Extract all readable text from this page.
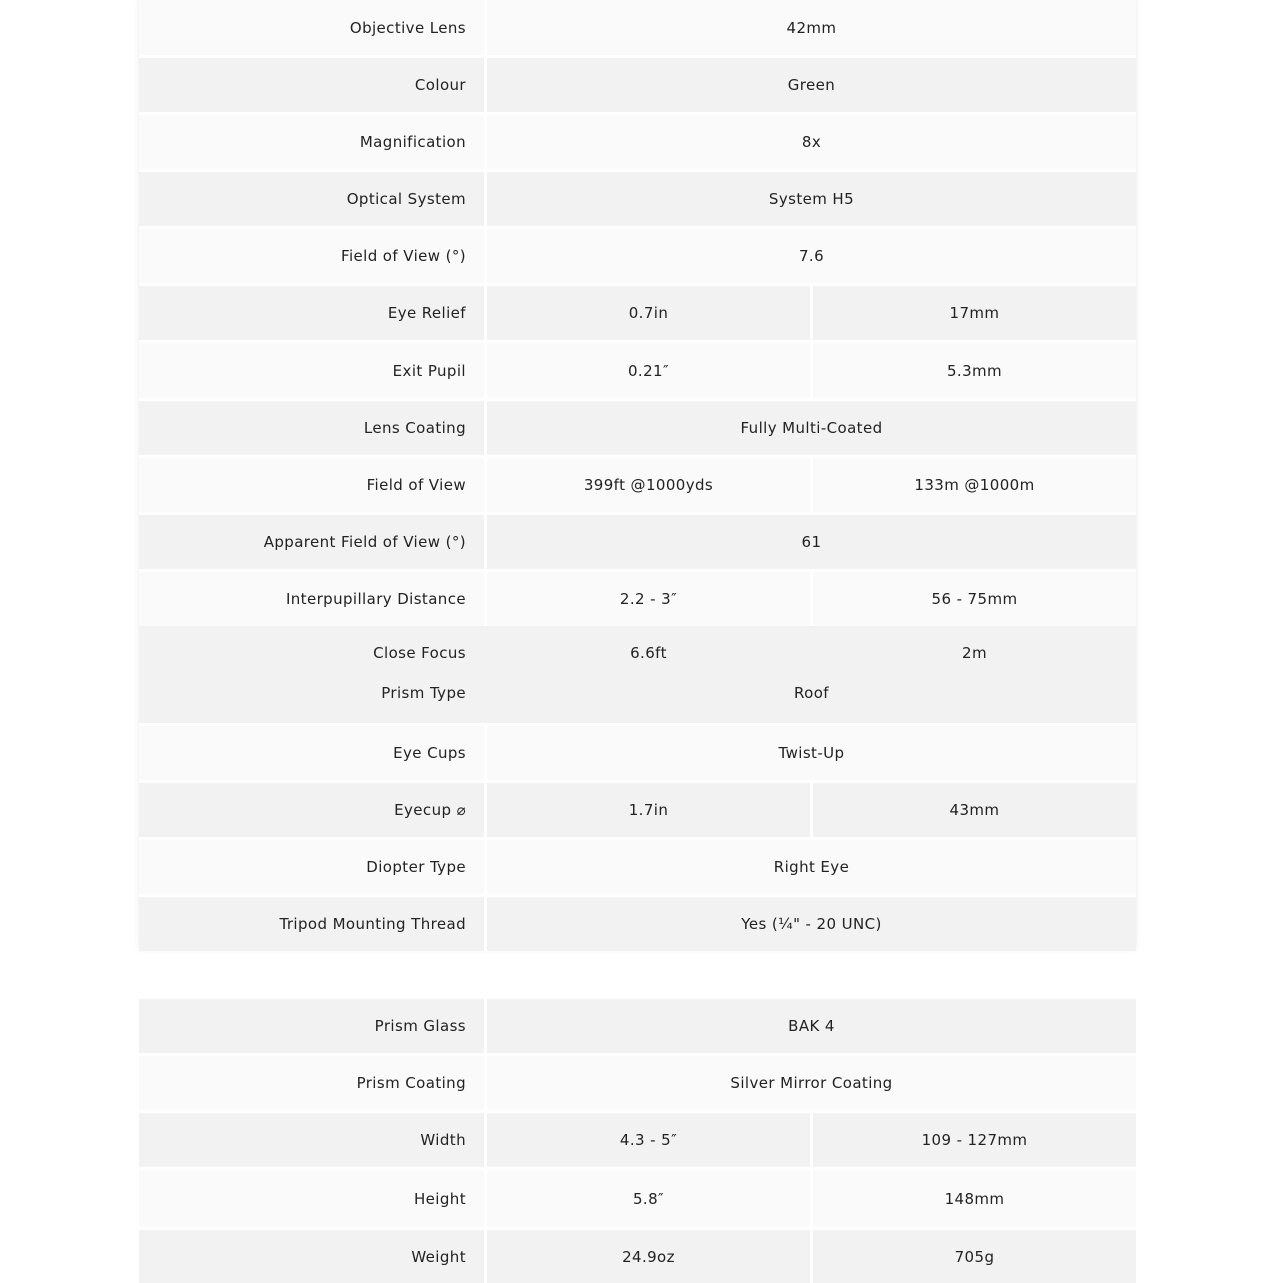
Objective Lens	42mm
Colour	Green
Magnification	8x
Optical System	System H5
Field of View (°)	7.6
Eye Relief	0.7in	17mm
Exit Pupil	0.21″	5.3mm
Lens Coating	Fully Multi-Coated
Field of View	399ft @1000yds	133m @1000m
Apparent Field of View (°)	61
Interpupillary Distance	2.2 - 3″	56 - 75mm
Close Focus	6.6ft	2m
Prism Type	Roof
Eye Cups	Twist-Up
Eyecup ⌀	1.7in	43mm
Diopter Type	Right Eye
Tripod Mounting Thread	Yes (¼" - 20 UNC)
Prism Glass	BAK 4
Prism Coating	Silver Mirror Coating
Width	4.3 - 5″	109 - 127mm
Height	5.8″	148mm
Weight	24.9oz	705g
